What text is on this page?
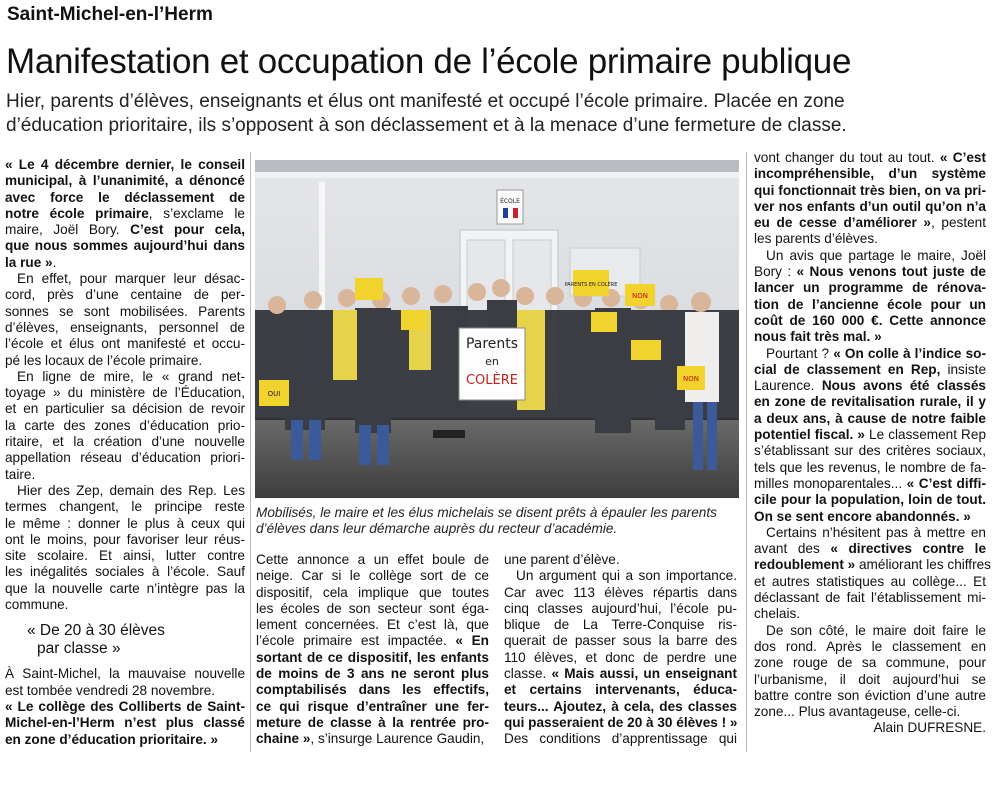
Saint-Michel-en-l’Herm
Manifestation et occupation de l’école primaire publique
Hier, parents d’élèves, enseignants et élus ont manifesté et occupé l’école primaire. Placée en zone
d’éducation prioritaire, ils s’opposent à son déclassement et à la menace d’une fermeture de classe.
« Le 4 décembre dernier, le conseil
municipal, à l’unanimité, a dénoncé
avec force le déclassement de
notre école primaire, s’exclame le
maire, Joël Bory. C’est pour cela,
que nous sommes aujourd’hui dans
la rue ».
En effet, pour marquer leur désac-
cord, près d’une centaine de per-
sonnes se sont mobilisées. Parents
d’élèves, enseignants, personnel de
l’école et élus ont manifesté et occu-
pé les locaux de l’école primaire.
En ligne de mire, le « grand net-
toyage » du ministère de l’Éducation,
et en particulier sa décision de revoir
la carte des zones d’éducation prio-
ritaire, et la création d’une nouvelle
appellation réseau d’éducation priori-
taire.
Hier des Zep, demain des Rep. Les
termes changent, le principe reste
le même : donner le plus à ceux qui
ont le moins, pour favoriser leur réus-
site scolaire. Et ainsi, lutter contre
les inégalités sociales à l’école. Sauf
que la nouvelle carte n’intègre pas la
commune.
« De 20 à 30 élèves
par classe »
À Saint-Michel, la mauvaise nouvelle
est tombée vendredi 28 novembre.
« Le collège des Colliberts de Saint-
Michel-en-l’Herm n’est plus classé
en zone d’éducation prioritaire. »
ÉCOLE
Parents
en
COLÈRE
PARENTS EN COLÈRE
NON
OUI
NON
Mobilisés, le maire et les élus michelais se disent prêts à épauler les parents
d’élèves dans leur démarche auprès du recteur d’académie.
Cette annonce a un effet boule de
neige. Car si le collège sort de ce
dispositif, cela implique que toutes
les écoles de son secteur sont éga-
lement concernées. Et c’est là, que
l’école primaire est impactée. « En
sortant de ce dispositif, les enfants
de moins de 3 ans ne seront plus
comptabilisés dans les effectifs,
ce qui risque d’entraîner une fer-
meture de classe à la rentrée pro-
chaine », s’insurge Laurence Gaudin,
une parent d’élève.
Un argument qui a son importance.
Car avec 113 élèves répartis dans
cinq classes aujourd’hui, l’école pu-
blique de La Terre-Conquise ris-
querait de passer sous la barre des
110 élèves, et donc de perdre une
classe. « Mais aussi, un enseignant
et certains intervenants, éduca-
teurs... Ajoutez, à cela, des classes
qui passeraient de 20 à 30 élèves ! »
Des conditions d’apprentissage qui
vont changer du tout au tout. « C’est
incompréhensible, d’un système
qui fonctionnait très bien, on va pri-
ver nos enfants d’un outil qu’on n’a
eu de cesse d’améliorer », pestent
les parents d’élèves.
Un avis que partage le maire, Joël
Bory : « Nous venons tout juste de
lancer un programme de rénova-
tion de l’ancienne école pour un
coût de 160 000 €. Cette annonce
nous fait très mal. »
Pourtant ? « On colle à l’indice so-
cial de classement en Rep, insiste
Laurence. Nous avons été classés
en zone de revitalisation rurale, il y
a deux ans, à cause de notre faible
potentiel fiscal. » Le classement Rep
s’établissant sur des critères sociaux,
tels que les revenus, le nombre de fa-
milles monoparentales... « C’est diffi-
cile pour la population, loin de tout.
On se sent encore abandonnés. »
Certains n’hésitent pas à mettre en
avant des « directives contre le
redoublement » améliorant les chiffres
et autres statistiques au collège... Et
déclassant de fait l’établissement mi-
chelais.
De son côté, le maire doit faire le
dos rond. Après le classement en
zone rouge de sa commune, pour
l’urbanisme, il doit aujourd’hui se
battre contre son éviction d’une autre
zone... Plus avantageuse, celle-ci.
Alain DUFRESNE.
